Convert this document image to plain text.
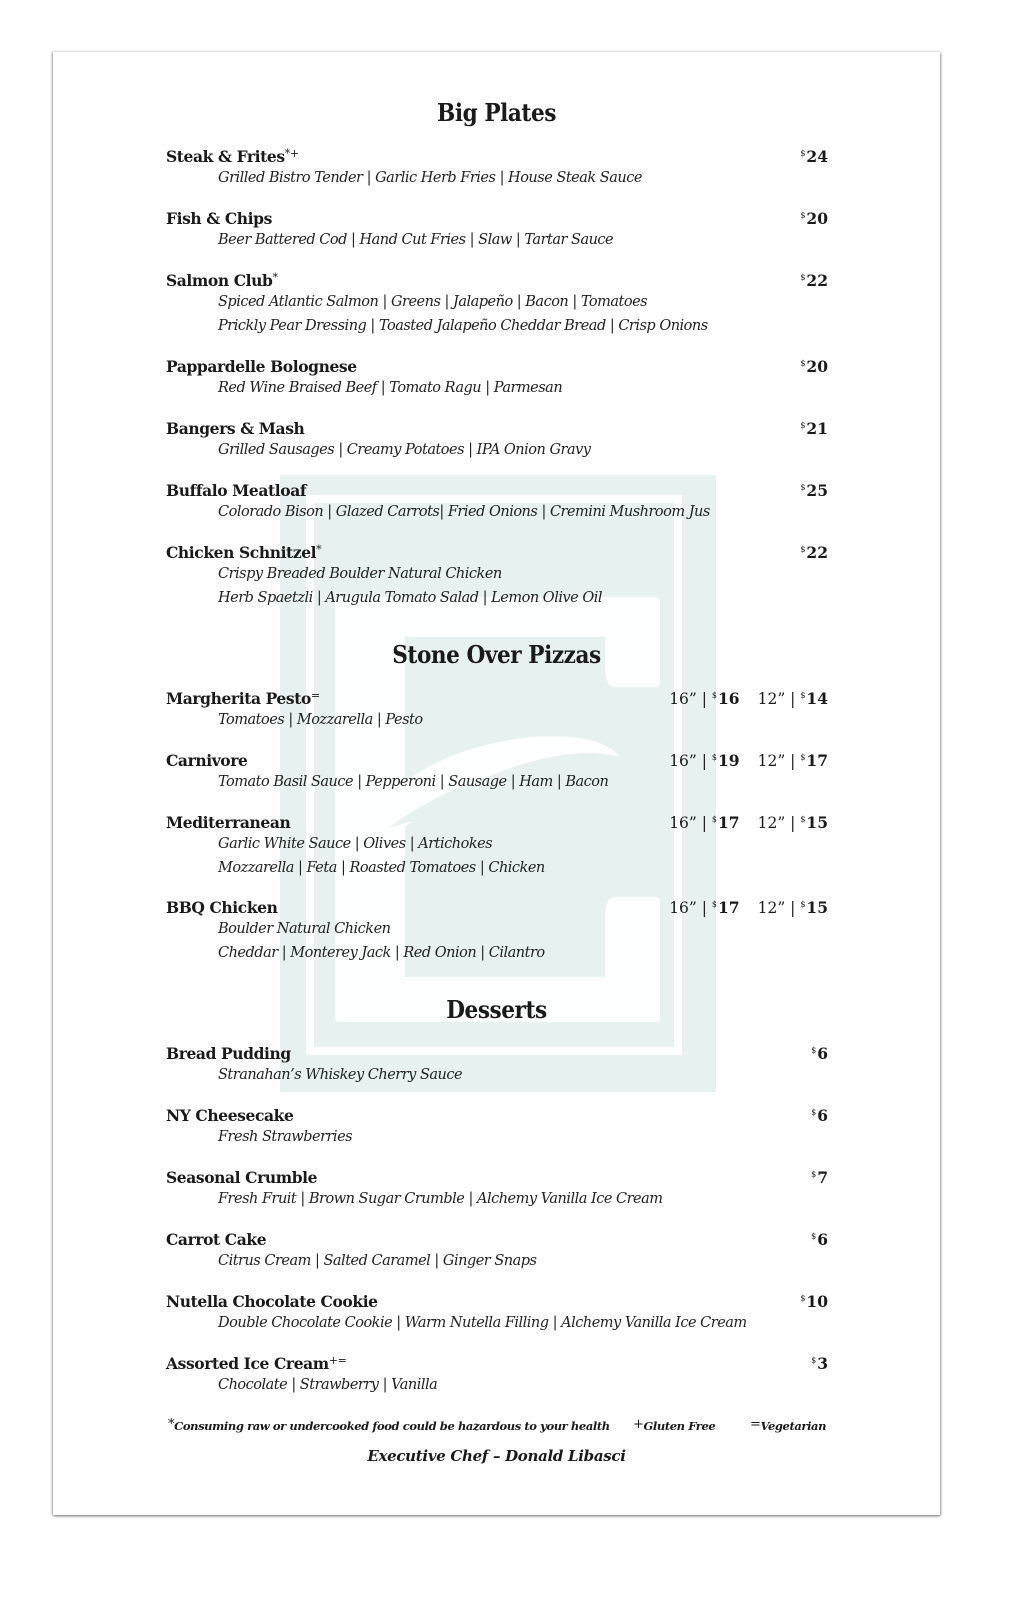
Big Plates
Steak & Frites*+	$24
Grilled Bistro Tender | Garlic Herb Fries | House Steak Sauce
Fish & Chips	$20
Beer Battered Cod | Hand Cut Fries | Slaw | Tartar Sauce
Salmon Club*	$22
Spiced Atlantic Salmon | Greens | Jalapeño | Bacon | Tomatoes
Prickly Pear Dressing | Toasted Jalapeño Cheddar Bread | Crisp Onions
Pappardelle Bolognese	$20
Red Wine Braised Beef | Tomato Ragu | Parmesan
Bangers & Mash	$21
Grilled Sausages | Creamy Potatoes | IPA Onion Gravy
Buffalo Meatloaf	$25
Colorado Bison | Glazed Carrots| Fried Onions | Cremini Mushroom Jus
Chicken Schnitzel*	$22
Crispy Breaded Boulder Natural Chicken
Herb Spaetzli | Arugula Tomato Salad | Lemon Olive Oil
Stone Over Pizzas
Margherita Pesto=	16” | $16 12” | $14
Tomatoes | Mozzarella | Pesto
Carnivore	16” | $19 12” | $17
Tomato Basil Sauce | Pepperoni | Sausage | Ham | Bacon
Mediterranean	16” | $17 12” | $15
Garlic White Sauce | Olives | Artichokes
Mozzarella | Feta | Roasted Tomatoes | Chicken
BBQ Chicken	16” | $17 12” | $15
Boulder Natural Chicken
Cheddar | Monterey Jack | Red Onion | Cilantro
Desserts
Bread Pudding	$6
Stranahan’s Whiskey Cherry Sauce
NY Cheesecake	$6
Fresh Strawberries
Seasonal Crumble	$7
Fresh Fruit | Brown Sugar Crumble | Alchemy Vanilla Ice Cream
Carrot Cake	$6
Citrus Cream | Salted Caramel | Ginger Snaps
Nutella Chocolate Cookie	$10
Double Chocolate Cookie | Warm Nutella Filling | Alchemy Vanilla Ice Cream
Assorted Ice Cream+=	$3
Chocolate | Strawberry | Vanilla
*Consuming raw or undercooked food could be hazardous to your health +Gluten Free	=Vegetarian
Executive Chef – Donald Libasci
